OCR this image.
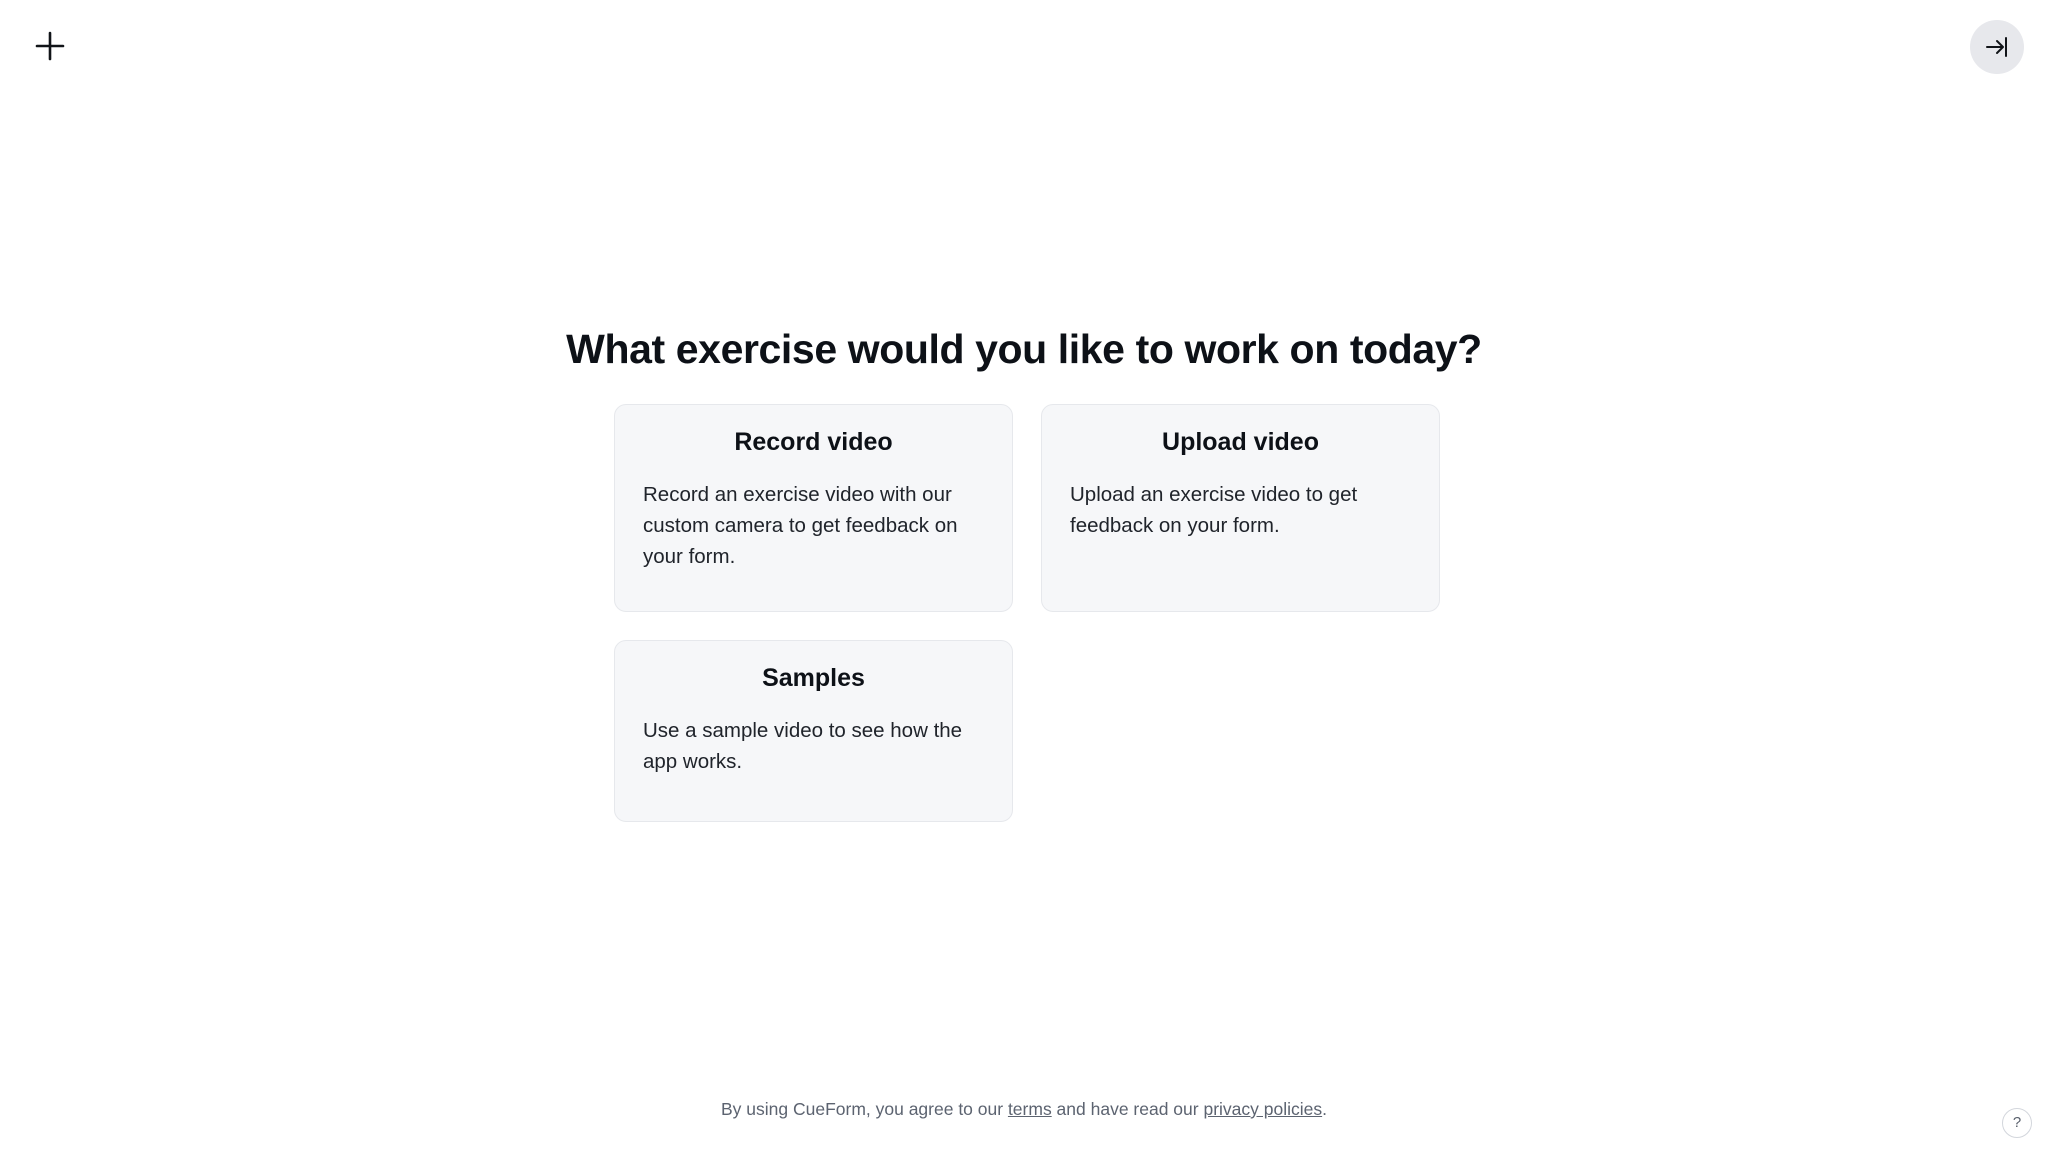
What exercise would you like to work on today?
Record video

Record an exercise video with our custom camera to get feedback on your form.

Upload video

Upload an exercise video to get feedback on your form.

Samples

Use a sample video to see how the app works.

By using CueForm, you agree to our terms and have read our privacy policies.
?
